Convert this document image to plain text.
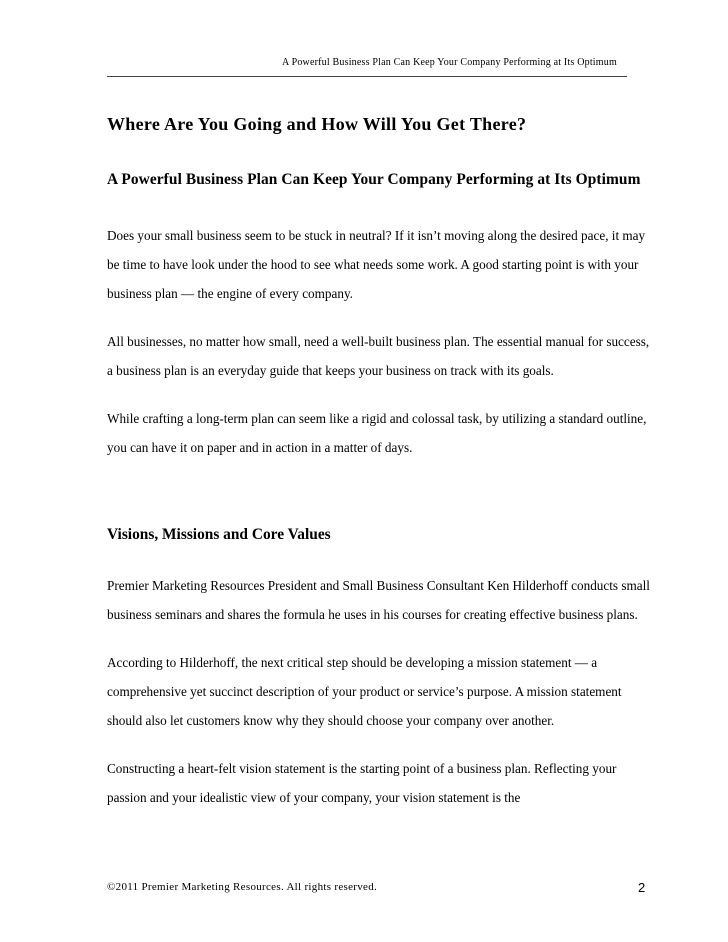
A Powerful Business Plan Can Keep Your Company Performing at Its Optimum
Where Are You Going and How Will You Get There?
A Powerful Business Plan Can Keep Your Company Performing at Its Optimum

Does your small business seem to be stuck in neutral? If it isn’t moving along the desired pace, it may be time to have look under the hood to see what needs some work. A good starting point is with your business plan — the engine of every company.

All businesses, no matter how small, need a well-built business plan. The essential manual for success, a business plan is an everyday guide that keeps your business on track with its goals.

While crafting a long-term plan can seem like a rigid and colossal task, by utilizing a standard outline, you can have it on paper and in action in a matter of days.

Visions, Missions and Core Values

Premier Marketing Resources President and Small Business Consultant Ken Hilderhoff conducts small business seminars and shares the formula he uses in his courses for creating effective business plans.

According to Hilderhoff, the next critical step should be developing a mission statement — a comprehensive yet succinct description of your product or service’s purpose. A mission statement should also let customers know why they should choose your company over another.

Constructing a heart-felt vision statement is the starting point of a business plan. Reflecting your passion and your idealistic view of your company, your vision statement is the

©2011 Premier Marketing Resources. All rights reserved.	2
